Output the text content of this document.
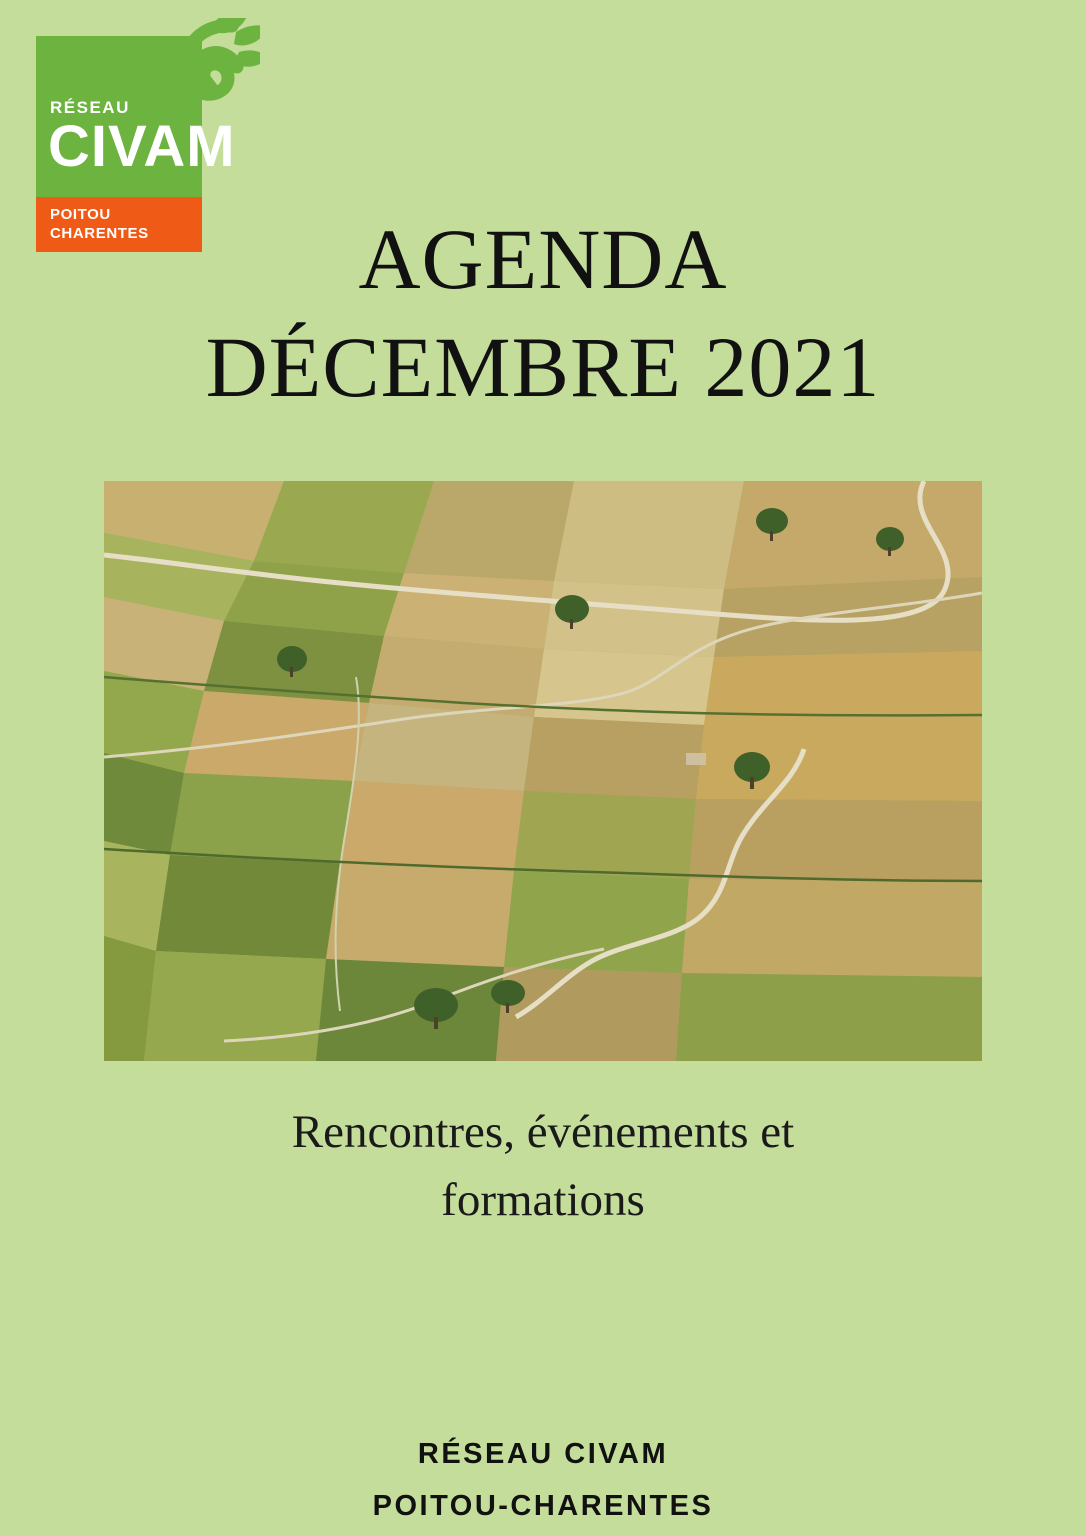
RÉSEAU
CIVAM
POITOU
CHARENTES	AGENDA
DÉCEMBRE 2021
Rencontres, événements et
formations
RÉSEAU CIVAM
POITOU-CHARENTES
